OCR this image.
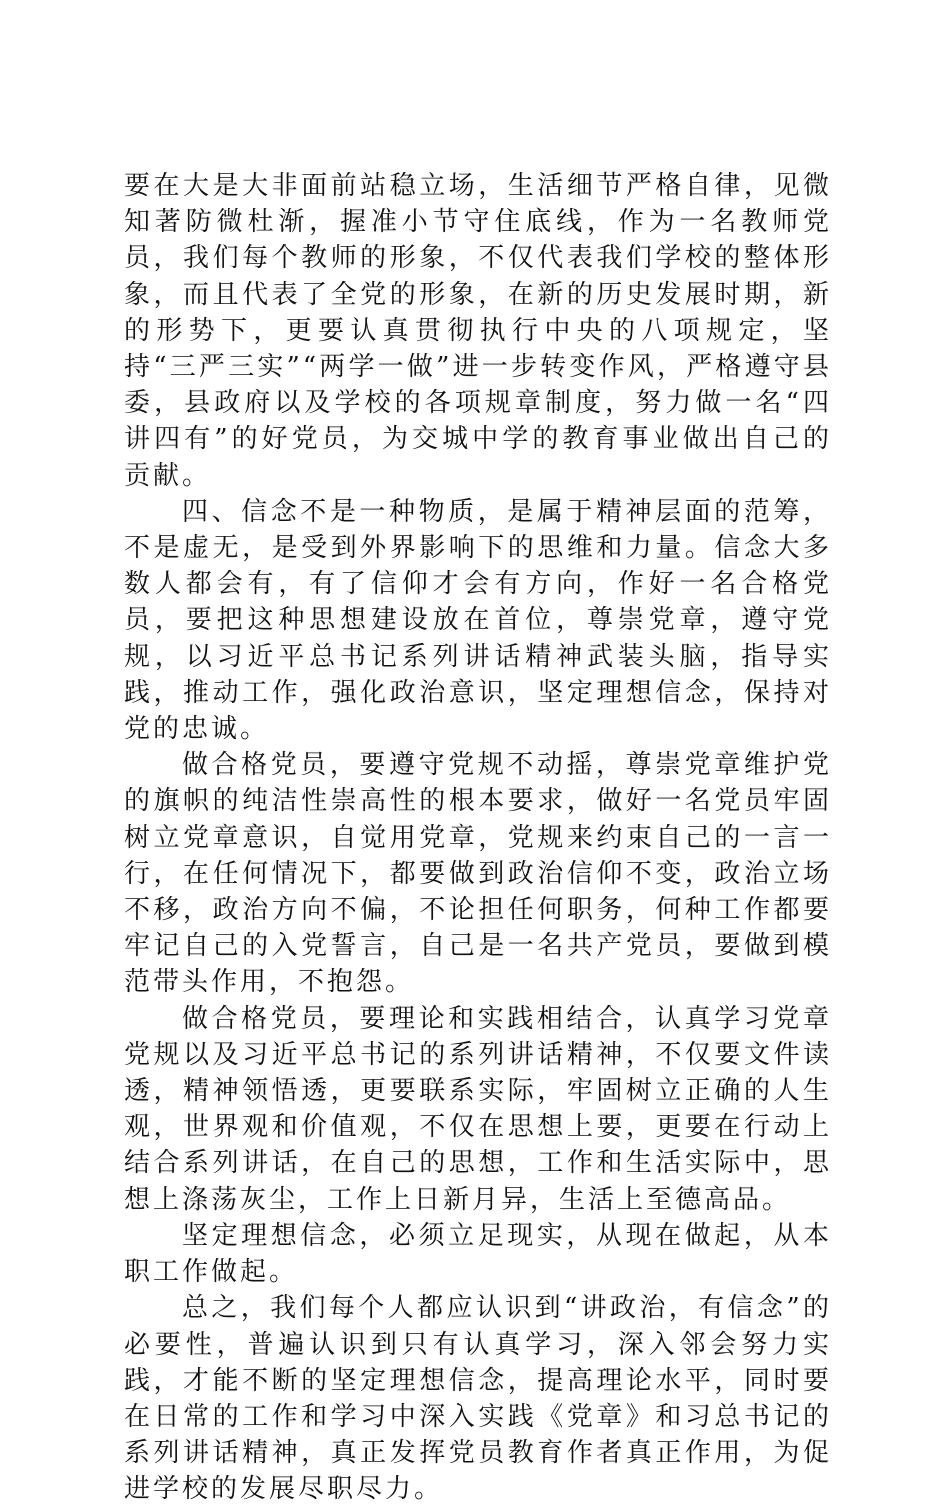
要在大是大非面前站稳立场，生活细节严格自律，见微知著防微杜渐，握准小节守住底线，作为一名教师党员，我们每个教师的形象，不仅代表我们学校的整体形象，而且代表了全党的形象，在新的历史发展时期，新的形势下，更要认真贯彻执行中央的八项规定，坚持“三严三实”“两学一做”进一步转变作风，严格遵守县委，县政府以及学校的各项规章制度，努力做一名“四讲四有”的好党员，为交城中学的教育事业做出自己的贡献。

四、信念不是一种物质，是属于精神层面的范筹，不是虚无，是受到外界影响下的思维和力量。信念大多数人都会有，有了信仰才会有方向，作好一名合格党员，要把这种思想建设放在首位，尊崇党章，遵守党规，以习近平总书记系列讲话精神武装头脑，指导实践，推动工作，强化政治意识，坚定理想信念，保持对党的忠诚。

做合格党员，要遵守党规不动摇，尊崇党章维护党的旗帜的纯洁性崇高性的根本要求，做好一名党员牢固树立党章意识，自觉用党章，党规来约束自己的一言一行，在任何情况下，都要做到政治信仰不变，政治立场不移，政治方向不偏，不论担任何职务，何种工作都要牢记自己的入党誓言，自己是一名共产党员，要做到模范带头作用，不抱怨。

做合格党员，要理论和实践相结合，认真学习党章党规以及习近平总书记的系列讲话精神，不仅要文件读透，精神领悟透，更要联系实际，牢固树立正确的人生观，世界观和价值观，不仅在思想上要，更要在行动上结合系列讲话，在自己的思想，工作和生活实际中，思想上涤荡灰尘，工作上日新月异，生活上至德高品。

坚定理想信念，必须立足现实，从现在做起，从本职工作做起。

总之，我们每个人都应认识到“讲政治，有信念”的必要性，普遍认识到只有认真学习，深入邻会努力实践，才能不断的坚定理想信念，提高理论水平，同时要在日常的工作和学习中深入实践《党章》和习总书记的系列讲话精神，真正发挥党员教育作者真正作用，为促进学校的发展尽职尽力。
